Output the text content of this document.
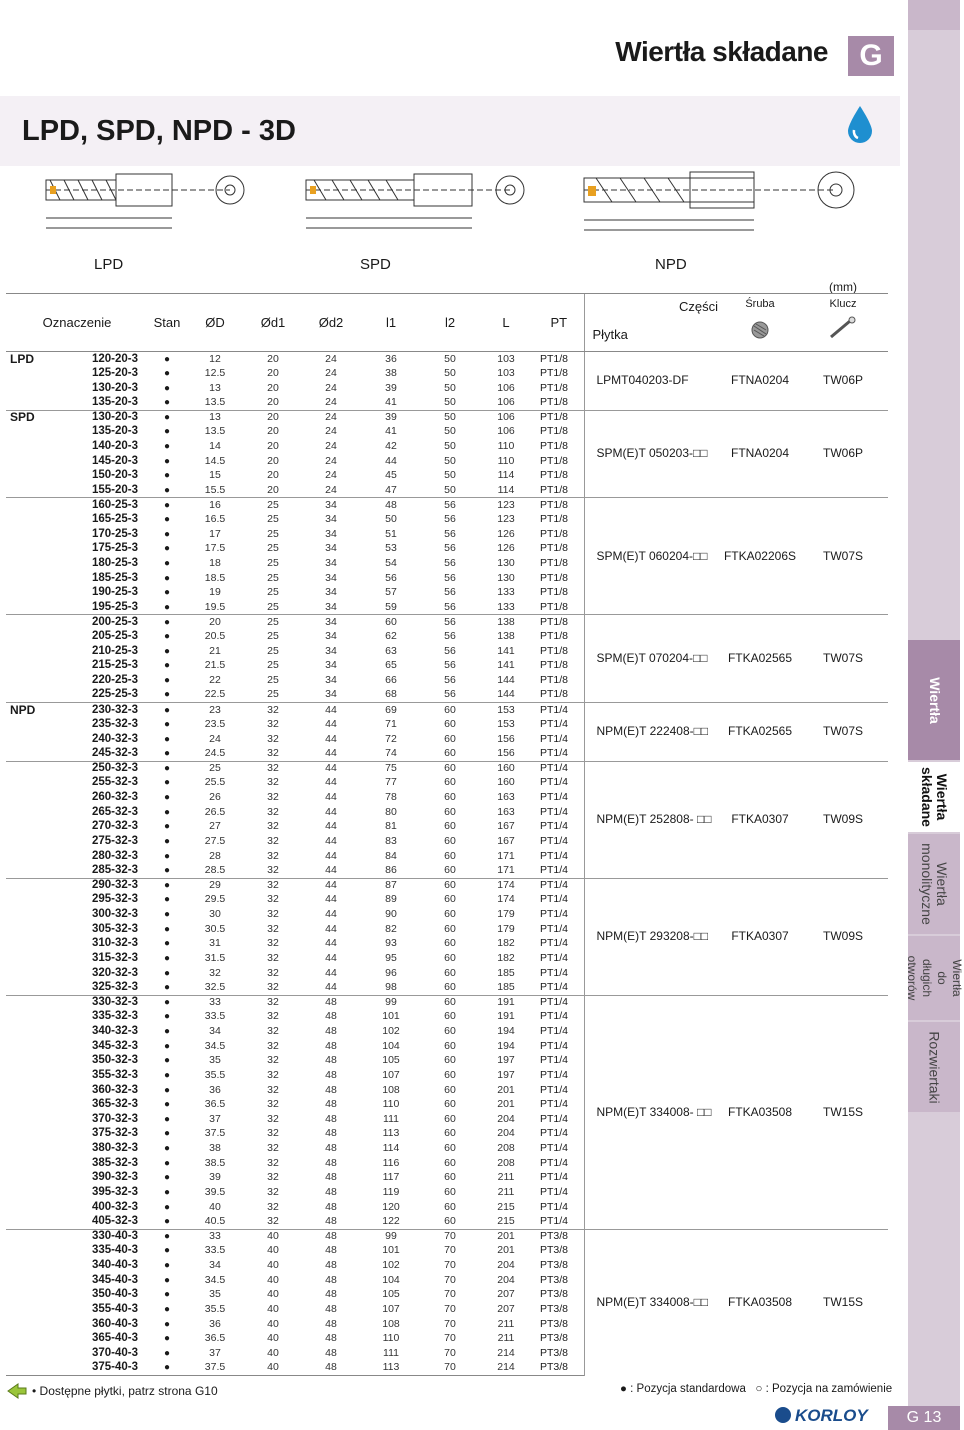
Wiertła
Wiertła składane
Wiertła monolityczne
Wiertła do długich otworów
Rozwiertaki
Wiertła składane	G
LPD, SPD, NPD - 3D
LPD	SPD	NPD
(mm)
Oznaczenie		Stan	ØD	Ød1	Ød2	l1	l2	L	PT	Części
Płytka	Śruba	Klucz

LPD	120-20-3	●	12	20	24	36	50	103	PT1/8	LPMT040203-DF	FTNA0204	TW06P
	125-20-3	●	12.5	20	24	38	50	103	PT1/8			
	130-20-3	●	13	20	24	39	50	106	PT1/8			
	135-20-3	●	13.5	20	24	41	50	106	PT1/8			
SPD	130-20-3	●	13	20	24	39	50	106	PT1/8	SPM(E)T 050203-□□	FTNA0204	TW06P
	135-20-3	●	13.5	20	24	41	50	106	PT1/8			
	140-20-3	●	14	20	24	42	50	110	PT1/8			
	145-20-3	●	14.5	20	24	44	50	110	PT1/8			
	150-20-3	●	15	20	24	45	50	114	PT1/8			
	155-20-3	●	15.5	20	24	47	50	114	PT1/8			
	160-25-3	●	16	25	34	48	56	123	PT1/8	SPM(E)T 060204-□□	FTKA02206S	TW07S
	165-25-3	●	16.5	25	34	50	56	123	PT1/8			
	170-25-3	●	17	25	34	51	56	126	PT1/8			
	175-25-3	●	17.5	25	34	53	56	126	PT1/8			
	180-25-3	●	18	25	34	54	56	130	PT1/8			
	185-25-3	●	18.5	25	34	56	56	130	PT1/8			
	190-25-3	●	19	25	34	57	56	133	PT1/8			
	195-25-3	●	19.5	25	34	59	56	133	PT1/8			
	200-25-3	●	20	25	34	60	56	138	PT1/8	SPM(E)T 070204-□□	FTKA02565	TW07S
	205-25-3	●	20.5	25	34	62	56	138	PT1/8			
	210-25-3	●	21	25	34	63	56	141	PT1/8			
	215-25-3	●	21.5	25	34	65	56	141	PT1/8			
	220-25-3	●	22	25	34	66	56	144	PT1/8			
	225-25-3	●	22.5	25	34	68	56	144	PT1/8			
NPD	230-32-3	●	23	32	44	69	60	153	PT1/4	NPM(E)T 222408-□□	FTKA02565	TW07S
	235-32-3	●	23.5	32	44	71	60	153	PT1/4			
	240-32-3	●	24	32	44	72	60	156	PT1/4			
	245-32-3	●	24.5	32	44	74	60	156	PT1/4			
	250-32-3	●	25	32	44	75	60	160	PT1/4	NPM(E)T 252808- □□	FTKA0307	TW09S
	255-32-3	●	25.5	32	44	77	60	160	PT1/4			
	260-32-3	●	26	32	44	78	60	163	PT1/4			
	265-32-3	●	26.5	32	44	80	60	163	PT1/4			
	270-32-3	●	27	32	44	81	60	167	PT1/4			
	275-32-3	●	27.5	32	44	83	60	167	PT1/4			
	280-32-3	●	28	32	44	84	60	171	PT1/4			
	285-32-3	●	28.5	32	44	86	60	171	PT1/4			
	290-32-3	●	29	32	44	87	60	174	PT1/4	NPM(E)T 293208-□□	FTKA0307	TW09S
	295-32-3	●	29.5	32	44	89	60	174	PT1/4			
	300-32-3	●	30	32	44	90	60	179	PT1/4			
	305-32-3	●	30.5	32	44	82	60	179	PT1/4			
	310-32-3	●	31	32	44	93	60	182	PT1/4			
	315-32-3	●	31.5	32	44	95	60	182	PT1/4			
	320-32-3	●	32	32	44	96	60	185	PT1/4			
	325-32-3	●	32.5	32	44	98	60	185	PT1/4			
	330-32-3	●	33	32	48	99	60	191	PT1/4	NPM(E)T 334008- □□	FTKA03508	TW15S
	335-32-3	●	33.5	32	48	101	60	191	PT1/4			
	340-32-3	●	34	32	48	102	60	194	PT1/4			
	345-32-3	●	34.5	32	48	104	60	194	PT1/4			
	350-32-3	●	35	32	48	105	60	197	PT1/4			
	355-32-3	●	35.5	32	48	107	60	197	PT1/4			
	360-32-3	●	36	32	48	108	60	201	PT1/4			
	365-32-3	●	36.5	32	48	110	60	201	PT1/4			
	370-32-3	●	37	32	48	111	60	204	PT1/4			
	375-32-3	●	37.5	32	48	113	60	204	PT1/4			
	380-32-3	●	38	32	48	114	60	208	PT1/4			
	385-32-3	●	38.5	32	48	116	60	208	PT1/4			
	390-32-3	●	39	32	48	117	60	211	PT1/4			
	395-32-3	●	39.5	32	48	119	60	211	PT1/4			
	400-32-3	●	40	32	48	120	60	215	PT1/4			
	405-32-3	●	40.5	32	48	122	60	215	PT1/4			
	330-40-3	●	33	40	48	99	70	201	PT3/8	NPM(E)T 334008-□□	FTKA03508	TW15S
	335-40-3	●	33.5	40	48	101	70	201	PT3/8			
	340-40-3	●	34	40	48	102	70	204	PT3/8			
	345-40-3	●	34.5	40	48	104	70	204	PT3/8			
	350-40-3	●	35	40	48	105	70	207	PT3/8			
	355-40-3	●	35.5	40	48	107	70	207	PT3/8			
	360-40-3	●	36	40	48	108	70	211	PT3/8			
	365-40-3	●	36.5	40	48	110	70	211	PT3/8			
	370-40-3	●	37	40	48	111	70	214	PT3/8			
	375-40-3	●	37.5	40	48	113	70	214	PT3/8			
• Dostępne płytki, patrz strona G10	● : Pozycja standardowa ○ : Pozycja na zamówienie
KORLOY	G 13
